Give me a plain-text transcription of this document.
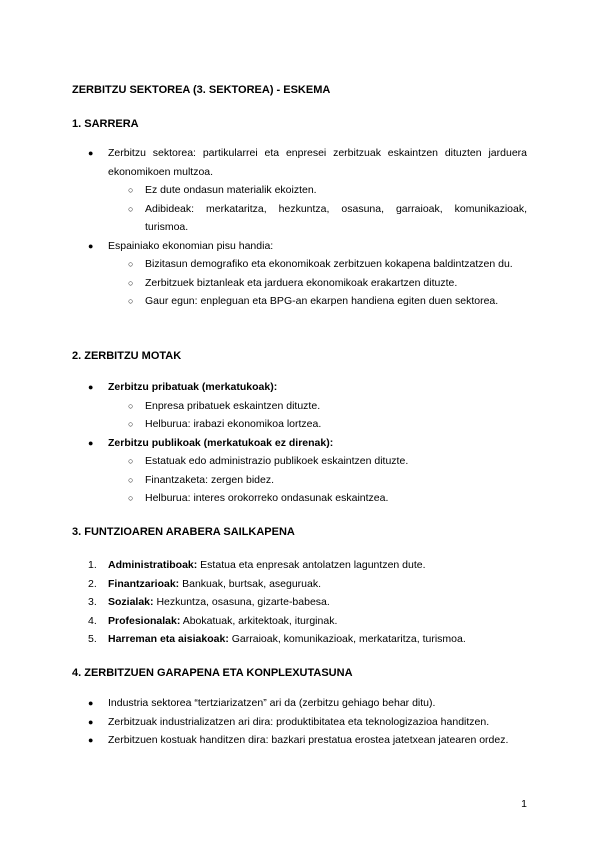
ZERBITZU SEKTOREA (3. SEKTOREA) - ESKEMA
1. SARRERA
● Zerbitzu sektorea: partikularrei eta enpresei zerbitzuak eskaintzen dituzten jarduera ekonomikoen multzoa.
○ Ez dute ondasun materialik ekoizten.
○ Adibideak: merkataritza, hezkuntza, osasuna, garraioak, komunikazioak, turismoa.
● Espainiako ekonomian pisu handia:
○ Bizitasun demografiko eta ekonomikoak zerbitzuen kokapena baldintzatzen du.
○ Zerbitzuek biztanleak eta jarduera ekonomikoak erakartzen dituzte.
○ Gaur egun: enpleguan eta BPG-an ekarpen handiena egiten duen sektorea.
2. ZERBITZU MOTAK
● Zerbitzu pribatuak (merkatukoak):
○ Enpresa pribatuek eskaintzen dituzte.
○ Helburua: irabazi ekonomikoa lortzea.
● Zerbitzu publikoak (merkatukoak ez direnak):
○ Estatuak edo administrazio publikoek eskaintzen dituzte.
○ Finantzaketa: zergen bidez.
○ Helburua: interes orokorreko ondasunak eskaintzea.
3. FUNTZIOAREN ARABERA SAILKAPENA
1. Administratiboak: Estatua eta enpresak antolatzen laguntzen dute.
2. Finantzarioak: Bankuak, burtsak, aseguruak.
3. Sozialak: Hezkuntza, osasuna, gizarte-babesa.
4. Profesionalak: Abokatuak, arkitektoak, iturginak.
5. Harreman eta aisiakoak: Garraioak, komunikazioak, merkataritza, turismoa.
4. ZERBITZUEN GARAPENA ETA KONPLEXUTASUNA
● Industria sektorea “tertziarizatzen” ari da (zerbitzu gehiago behar ditu).
● Zerbitzuak industrializatzen ari dira: produktibitatea eta teknologizazioa handitzen.
● Zerbitzuen kostuak handitzen dira: bazkari prestatua erostea jatetxean jatearen ordez.
1
